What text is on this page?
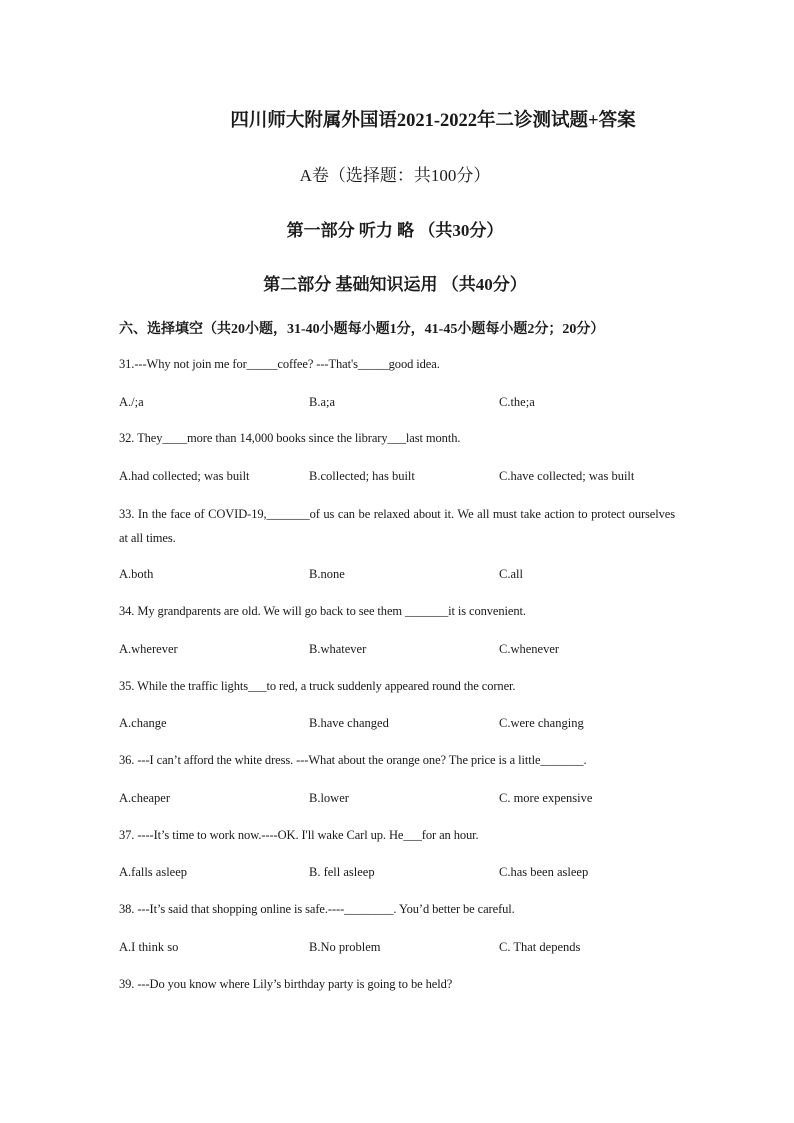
四川师大附属外国语2021-2022年二诊测试题+答案
A卷（选择题：共100分）
第一部分 听力 略 （共30分）
第二部分 基础知识运用 （共40分）
六、选择填空（共20小题，31-40小题每小题1分，41-45小题每小题2分；20分）
31.---Why not join me for_____coffee? ---That's_____good idea.
A./;a	B.a;a	C.the;a
32. They____more than 14,000 books since the library___last month.
A.had collected; was built	B.collected; has built	C.have collected; was built
33. In the face of COVID-19,_______of us can be relaxed about it. We all must take action to protect ourselves at all times.
A.both	B.none	C.all
34. My grandparents are old. We will go back to see them _______it is convenient.
A.wherever	B.whatever	C.whenever
35. While the traffic lights___to red, a truck suddenly appeared round the corner.
A.change	B.have changed	C.were changing
36. ---I can’t afford the white dress. ---What about the orange one? The price is a little_______.
A.cheaper	B.lower	C. more expensive
37. ----It’s time to work now.----OK. I'll wake Carl up. He___for an hour.
A.falls asleep	B. fell asleep	C.has been asleep
38. ---It’s said that shopping online is safe.----________. You’d better be careful.
A.I think so	B.No problem	C. That depends
39. ---Do you know where Lily’s birthday party is going to be held?
